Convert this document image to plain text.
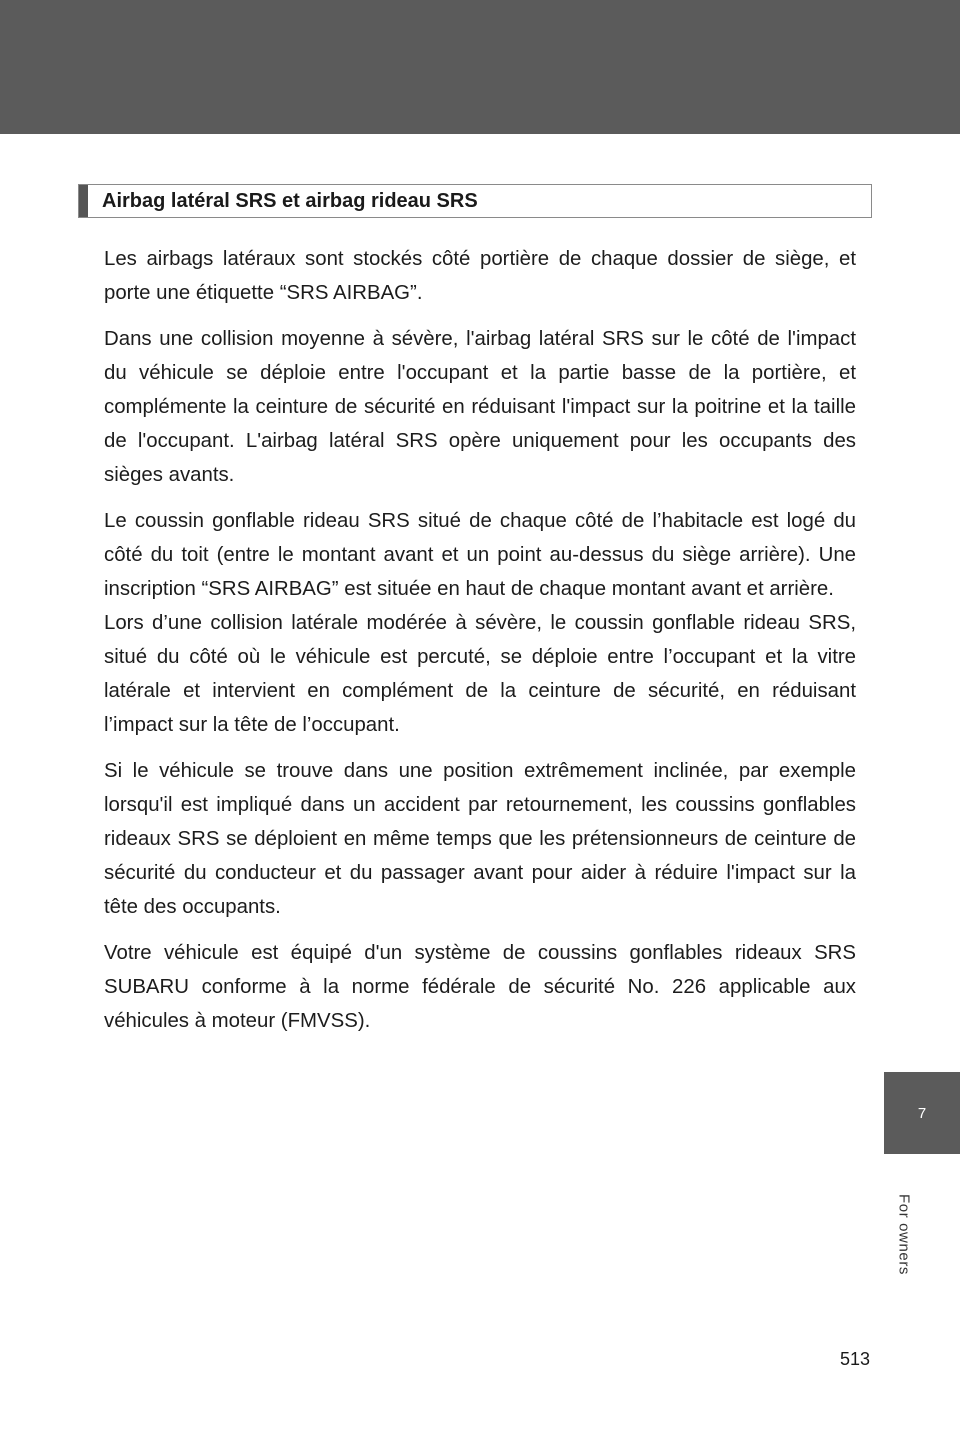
Airbag latéral SRS et airbag rideau SRS

Les airbags latéraux sont stockés côté portière de chaque dossier de siège, et porte une étiquette “SRS AIRBAG”.

Dans une collision moyenne à sévère, l'airbag latéral SRS sur le côté de l'impact du véhicule se déploie entre l'occupant et la partie basse de la portière, et complémente la ceinture de sécurité en réduisant l'impact sur la poitrine et la taille de l'occupant. L'airbag latéral SRS opère uniquement pour les occupants des sièges avants.

Le coussin gonflable rideau SRS situé de chaque côté de l’habitacle est logé du côté du toit (entre le montant avant et un point au-dessus du siège arrière). Une inscription “SRS AIRBAG” est située en haut de chaque montant avant et arrière.

Lors d’une collision latérale modérée à sévère, le coussin gonflable rideau SRS, situé du côté où le véhicule est percuté, se déploie entre l’occupant et la vitre latérale et intervient en complément de la ceinture de sécurité, en réduisant l’impact sur la tête de l’occupant.

Si le véhicule se trouve dans une position extrêmement inclinée, par exemple lorsqu'il est impliqué dans un accident par retournement, les coussins gonflables rideaux SRS se déploient en même temps que les prétensionneurs de ceinture de sécurité du conducteur et du passager avant pour aider à réduire l'impact sur la tête des occupants.

Votre véhicule est équipé d'un système de coussins gonflables rideaux SRS SUBARU conforme à la norme fédérale de sécurité No. 226 applicable aux véhicules à moteur (FMVSS).

7
For owners
513
